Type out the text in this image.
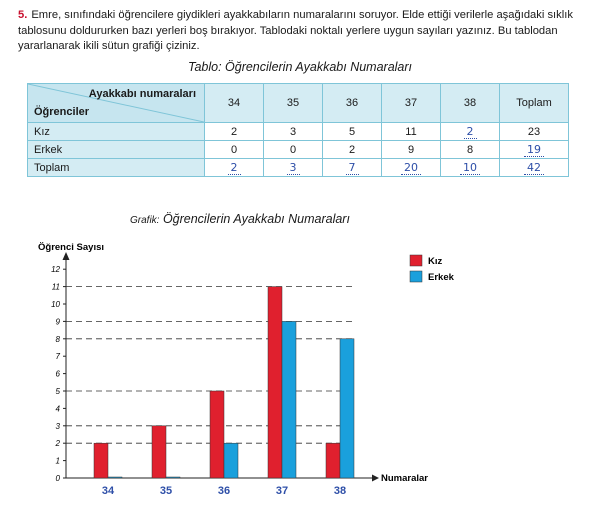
5. Emre, sınıfındaki öğrencilere giydikleri ayakkabıların numaralarını soruyor. Elde ettiği verilerle aşağıdaki sıklık tablosunu doldururken bazı yerleri boş bırakıyor. Tablodaki noktalı yerlere uygun sayıları yazınız. Bu tablodan yararlanarak ikili sütun grafiği çiziniz.

Tablo: Öğrencilerin Ayakkabı Numaraları
Ayakkabı numaraları
Öğrenciler	34	35	36	37	38	Toplam
Kız	2	3	5	11	2	23
Erkek	0	0	2	9	8	19
Toplam	2	3	7	20	10	42
Grafik: Öğrencilerin Ayakkabı Numaraları
Öğrenci Sayısı
Numaralar
0
1
2
3
4
5
6
7
8
9
10
11
12
34	35	36	37	38
Kız
Erkek
